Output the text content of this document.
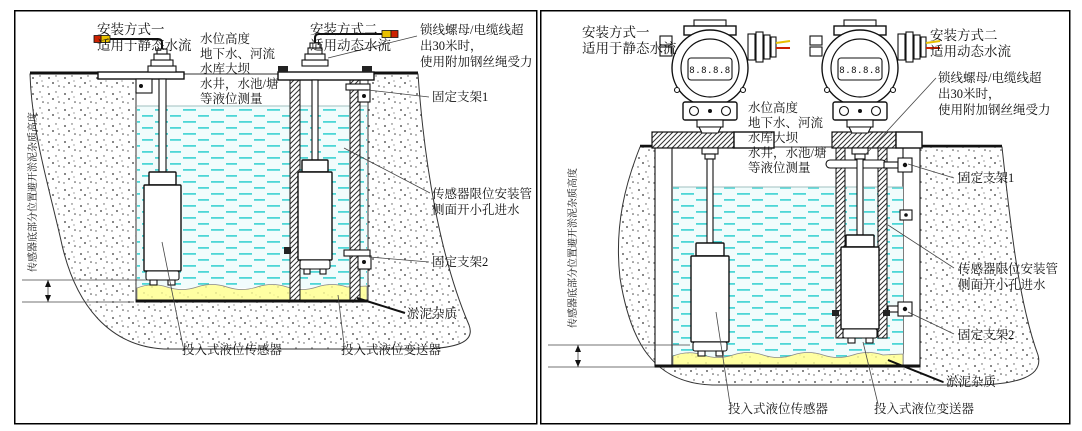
安装方式一
适用于静态水流
安装方式二
适用动态水流
水位高度
地下水、河流
水库大坝
水井，水池/塘
等液位测量
锁线螺母/电缆线超
出30米时，
使用附加钢丝绳受力
固定支架1
传感器限位安装管
侧面开小孔进水
固定支架2
淤泥杂质
投入式液位传感器	投入式液位变送器
传感器底部分位置避开淤泥杂质高度
8.8.8.8	8.8.8.8
安装方式一
适用于静态水流
安装方式二
适用动态水流
水位高度
地下水、河流
水库大坝
水井，水池/塘
等液位测量
锁线螺母/电缆线超
出30米时，
使用附加钢丝绳受力
固定支架1
传感器限位安装管
侧面开小孔进水
固定支架2
淤泥杂质
投入式液位传感器	投入式液位变送器
传感器底部分位置避开淤泥杂质高度
